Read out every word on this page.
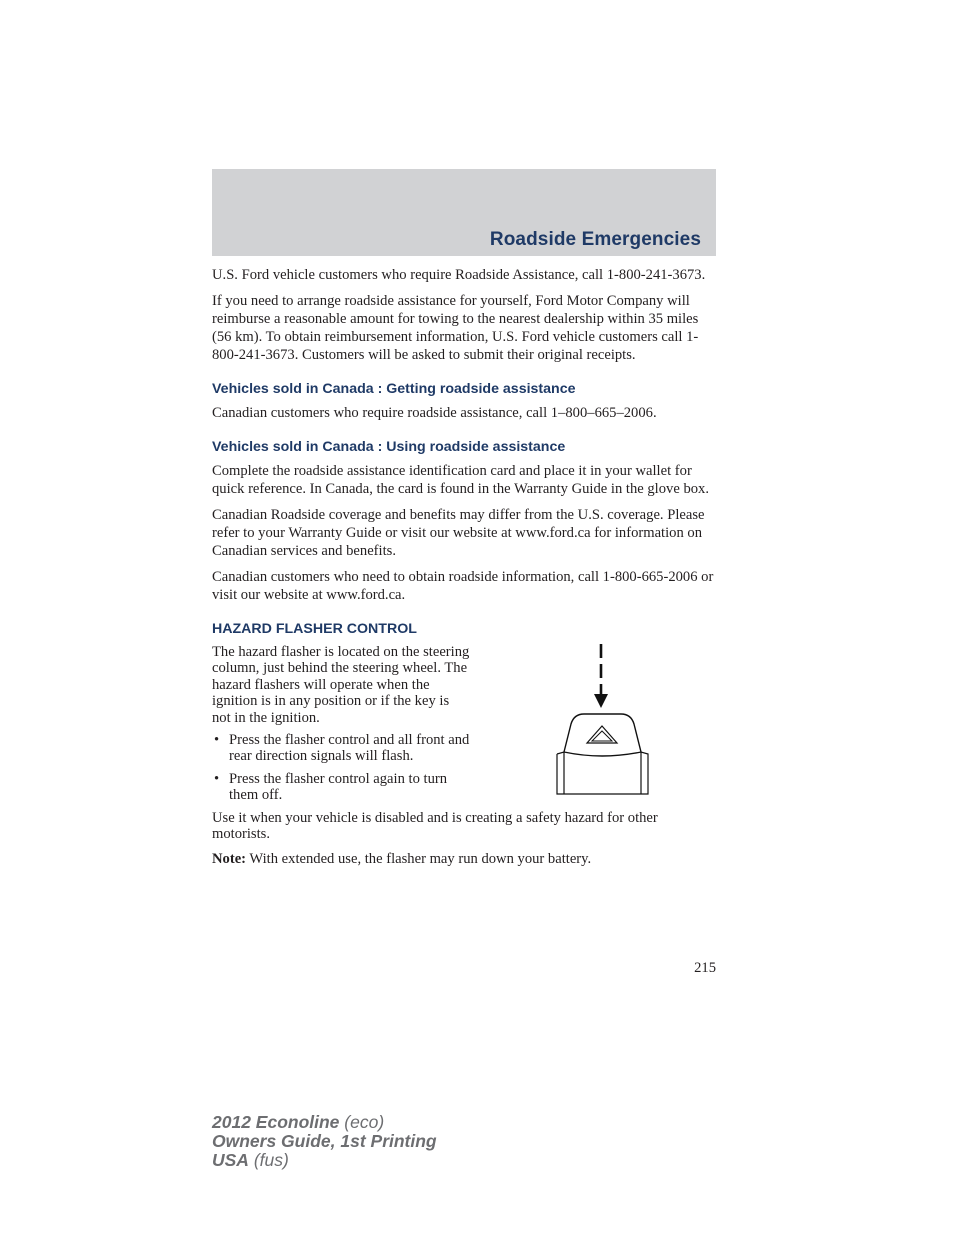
Roadside Emergencies

U.S. Ford vehicle customers who require Roadside Assistance, call 1-800-241-3673.

If you need to arrange roadside assistance for yourself, Ford Motor Company will reimburse a reasonable amount for towing to the nearest dealership within 35 miles (56 km). To obtain reimbursement information, U.S. Ford vehicle customers call 1-800-241-3673. Customers will be asked to submit their original receipts.

Vehicles sold in Canada : Getting roadside assistance

Canadian customers who require roadside assistance, call 1–800–665–2006.

Vehicles sold in Canada : Using roadside assistance

Complete the roadside assistance identification card and place it in your wallet for quick reference. In Canada, the card is found in the Warranty Guide in the glove box.

Canadian Roadside coverage and benefits may differ from the U.S. coverage. Please refer to your Warranty Guide or visit our website at www.ford.ca for information on Canadian services and benefits.

Canadian customers who need to obtain roadside information, call 1-800-665-2006 or visit our website at www.ford.ca.

HAZARD FLASHER CONTROL

The hazard flasher is located on the steering column, just behind the steering wheel. The hazard flashers will operate when the ignition is in any position or if the key is not in the ignition.

• Press the flasher control and all front and rear direction signals will flash.
• Press the flasher control again to turn them off.

Use it when your vehicle is disabled and is creating a safety hazard for other motorists.

Note: With extended use, the flasher may run down your battery.

215
2012 Econoline (eco)
Owners Guide, 1st Printing
USA (fus)
